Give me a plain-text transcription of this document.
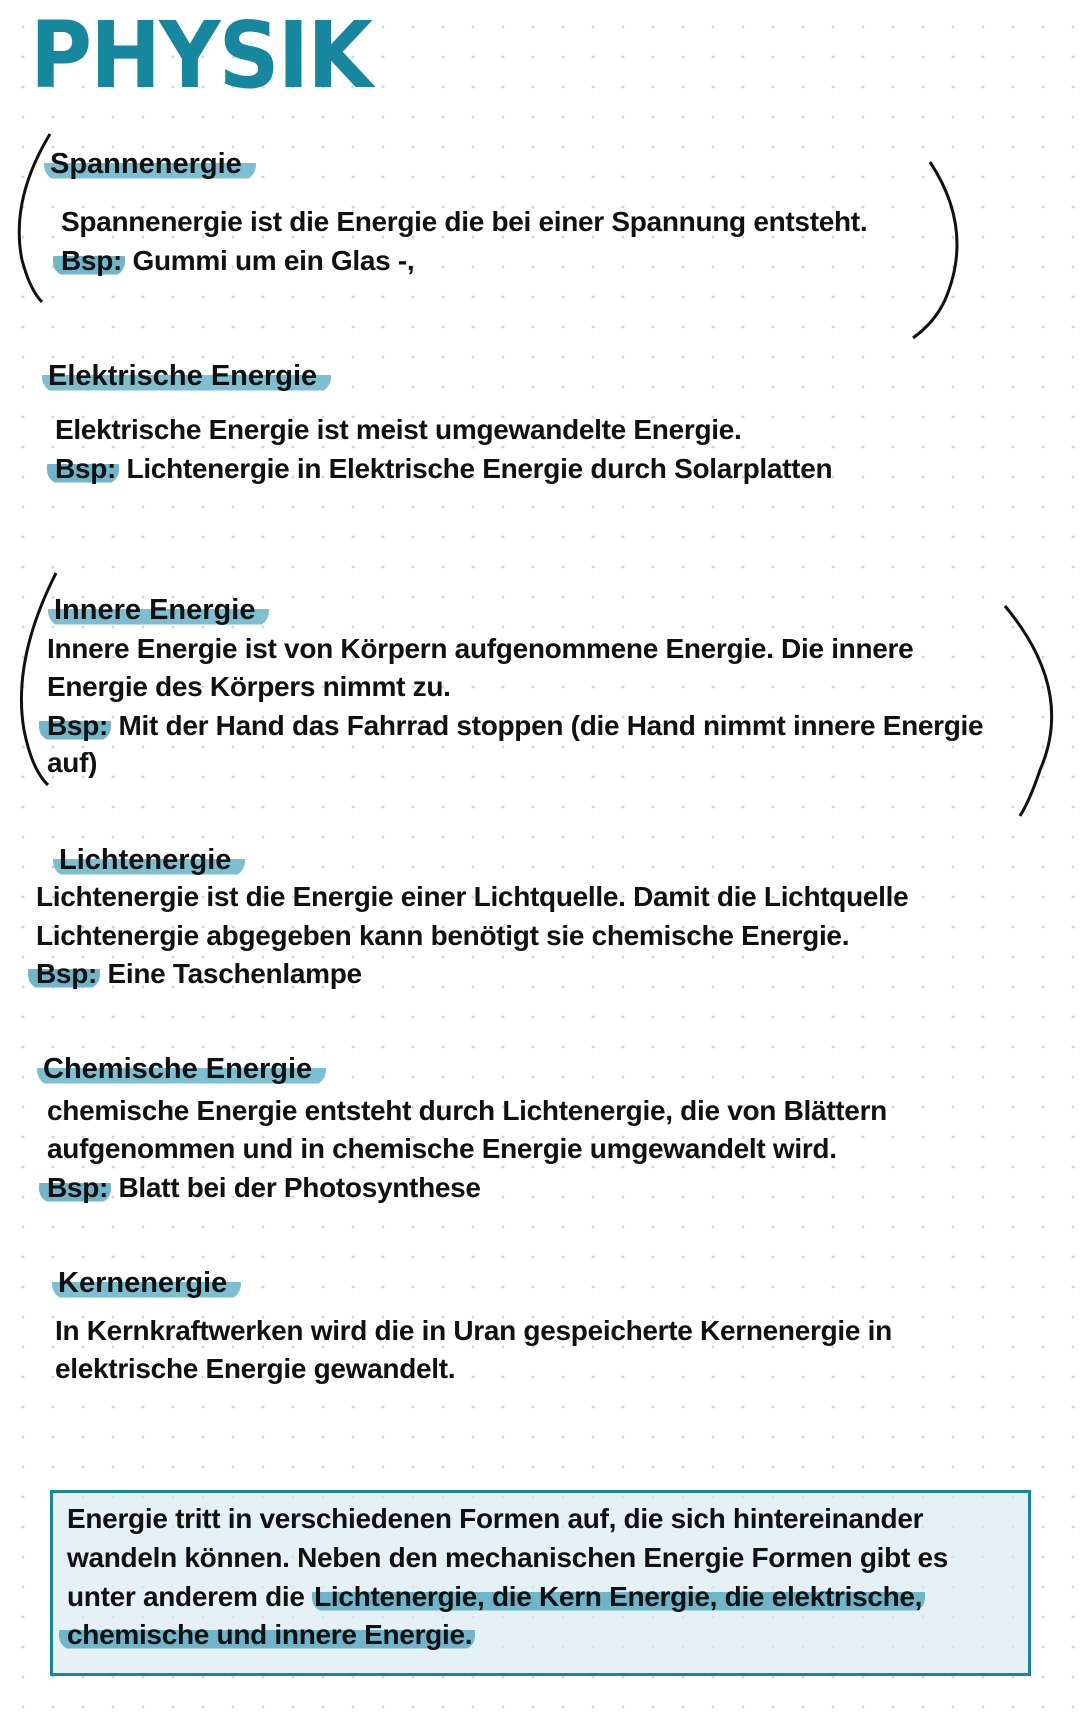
PHYSIK
Spannenergie
Spannenergie ist die Energie die bei einer Spannung entsteht.
Bsp: Gummi um ein Glas -,
Elektrische Energie
Elektrische Energie ist meist umgewandelte Energie.
Bsp: Lichtenergie in Elektrische Energie durch Solarplatten
Innere Energie
Innere Energie ist von Körpern aufgenommene Energie. Die innere
Energie des Körpers nimmt zu.
Bsp: Mit der Hand das Fahrrad stoppen (die Hand nimmt innere Energie
auf)
Lichtenergie
Lichtenergie ist die Energie einer Lichtquelle. Damit die Lichtquelle
Lichtenergie abgegeben kann benötigt sie chemische Energie.
Bsp: Eine Taschenlampe
Chemische Energie
chemische Energie entsteht durch Lichtenergie, die von Blättern
aufgenommen und in chemische Energie umgewandelt wird.
Bsp: Blatt bei der Photosynthese
Kernenergie
In Kernkraftwerken wird die in Uran gespeicherte Kernenergie in
elektrische Energie gewandelt.
Energie tritt in verschiedenen Formen auf, die sich hintereinander
wandeln können. Neben den mechanischen Energie Formen gibt es
unter anderem die Lichtenergie, die Kern Energie, die elektrische,
chemische und innere Energie.
